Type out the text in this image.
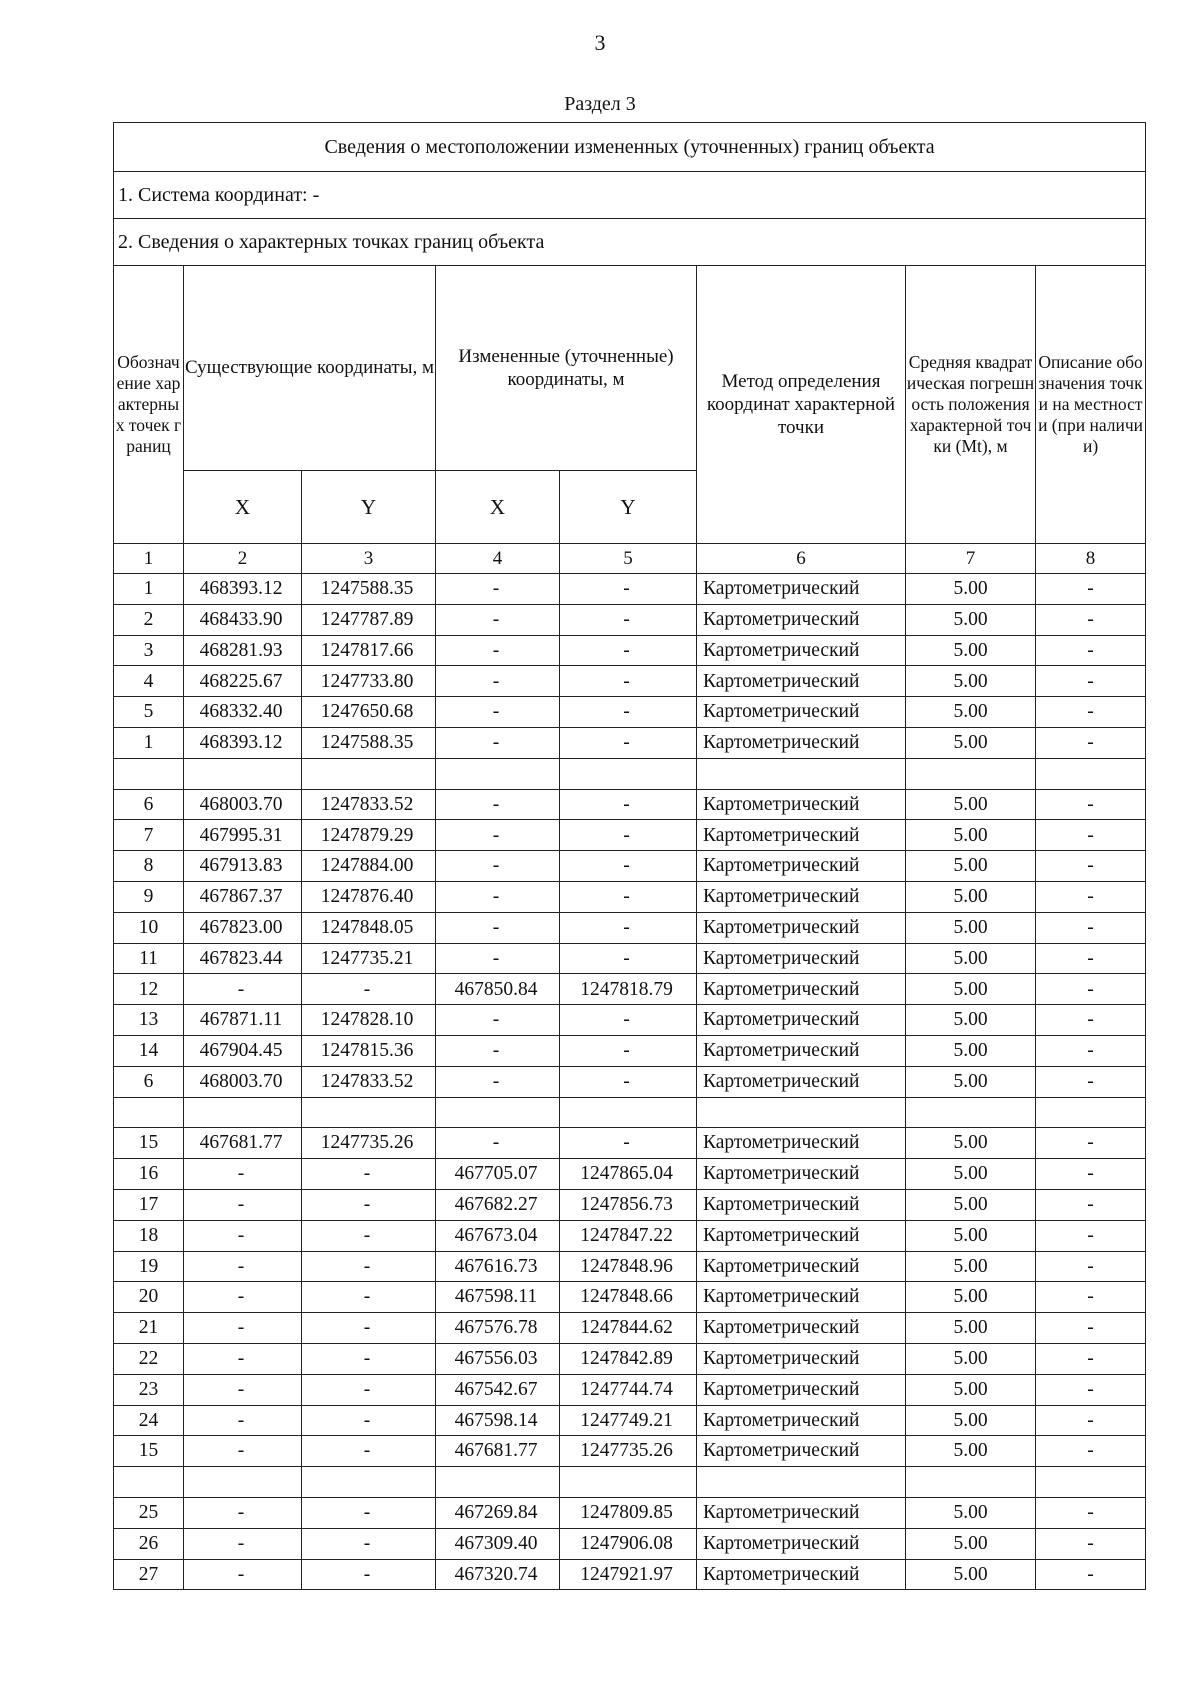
3
Раздел 3
Сведения о местоположении измененных (уточненных) границ объекта							
1. Система координат: -							
2. Сведения о характерных точках границ объекта							
Обозначение характерных точек границ	Существующие координаты, м		Измененные (уточненные) координаты, м		Метод определения координат характерной точки	Средняя квадратическая погрешность положения характерной точки (Mt), м	Описание обозначения точки на местности (при наличии)
	X	Y	X	Y			
1	2	3	4	5	6	7	8
1	468393.12	1247588.35	-	-	Картометрический	5.00	-
2	468433.90	1247787.89	-	-	Картометрический	5.00	-
3	468281.93	1247817.66	-	-	Картометрический	5.00	-
4	468225.67	1247733.80	-	-	Картометрический	5.00	-
5	468332.40	1247650.68	-	-	Картометрический	5.00	-
1	468393.12	1247588.35	-	-	Картометрический	5.00	-

6	468003.70	1247833.52	-	-	Картометрический	5.00	-
7	467995.31	1247879.29	-	-	Картометрический	5.00	-
8	467913.83	1247884.00	-	-	Картометрический	5.00	-
9	467867.37	1247876.40	-	-	Картометрический	5.00	-
10	467823.00	1247848.05	-	-	Картометрический	5.00	-
11	467823.44	1247735.21	-	-	Картометрический	5.00	-
12	-	-	467850.84	1247818.79	Картометрический	5.00	-
13	467871.11	1247828.10	-	-	Картометрический	5.00	-
14	467904.45	1247815.36	-	-	Картометрический	5.00	-
6	468003.70	1247833.52	-	-	Картометрический	5.00	-

15	467681.77	1247735.26	-	-	Картометрический	5.00	-
16	-	-	467705.07	1247865.04	Картометрический	5.00	-
17	-	-	467682.27	1247856.73	Картометрический	5.00	-
18	-	-	467673.04	1247847.22	Картометрический	5.00	-
19	-	-	467616.73	1247848.96	Картометрический	5.00	-
20	-	-	467598.11	1247848.66	Картометрический	5.00	-
21	-	-	467576.78	1247844.62	Картометрический	5.00	-
22	-	-	467556.03	1247842.89	Картометрический	5.00	-
23	-	-	467542.67	1247744.74	Картометрический	5.00	-
24	-	-	467598.14	1247749.21	Картометрический	5.00	-
15	-	-	467681.77	1247735.26	Картометрический	5.00	-

25	-	-	467269.84	1247809.85	Картометрический	5.00	-
26	-	-	467309.40	1247906.08	Картометрический	5.00	-
27	-	-	467320.74	1247921.97	Картометрический	5.00	-
